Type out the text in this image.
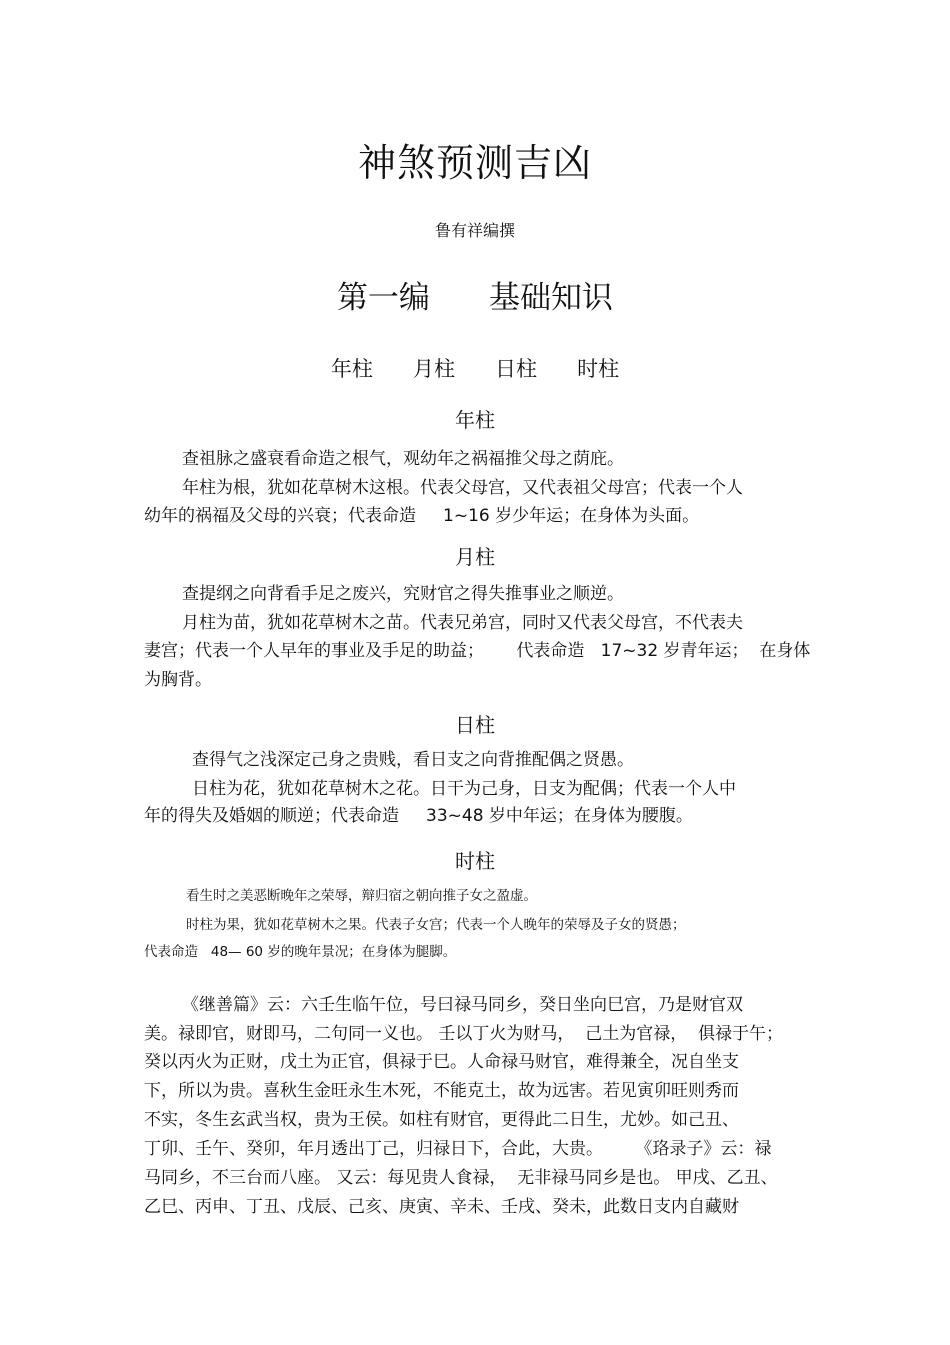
神煞预测吉凶
鲁有祥编撰
第一编      基础知识
年柱      月柱      日柱      时柱
年柱
查祖脉之盛衰看命造之根气，观幼年之祸福推父母之荫庇。
年柱为根，犹如花草树木这根。代表父母宫，又代表祖父母宫；代表一个人
幼年的祸福及父母的兴衰；代表命造     1~16 岁少年运；在身体为头面。
月柱
查提纲之向背看手足之废兴，究财官之得失推事业之顺逆。
月柱为苗，犹如花草树木之苗。代表兄弟宫，同时又代表父母宫，不代表夫
妻宫；代表一个人早年的事业及手足的助益；      代表命造   17~32 岁青年运；  在身体
为胸背。
日柱
查得气之浅深定己身之贵贱，看日支之向背推配偶之贤愚。
日柱为花，犹如花草树木之花。日干为己身，日支为配偶；代表一个人中
年的得失及婚姻的顺逆；代表命造     33~48 岁中年运；在身体为腰腹。
时柱
看生时之美恶断晚年之荣辱，辩归宿之朝向推子女之盈虚。
时柱为果，犹如花草树木之果。代表子女宫；代表一个人晚年的荣辱及子女的贤愚；
代表命造   48— 60 岁的晚年景况；在身体为腿脚。
《继善篇》云：六壬生临午位，号曰禄马同乡，癸日坐向巳宫，乃是财官双
美。禄即官，财即马，二句同一义也。 壬以丁火为财马，  己土为官禄，  俱禄于午；
癸以丙火为正财，戊土为正官，俱禄于巳。人命禄马财官，难得兼全，况自坐支
下，所以为贵。喜秋生金旺永生木死，不能克土，故为远害。若见寅卯旺则秀而
不实，冬生玄武当权，贵为王侯。如柱有财官，更得此二日生，尤妙。如己丑、
丁卯、壬午、癸卯，年月透出丁己，归禄日下，合此，大贵。      《珞录子》云：禄
马同乡，不三台而八座。 又云：每见贵人食禄，  无非禄马同乡是也。 甲戌、乙丑、
乙巳、丙申、丁丑、戊辰、己亥、庚寅、辛未、壬戌、癸未，此数日支内自藏财
